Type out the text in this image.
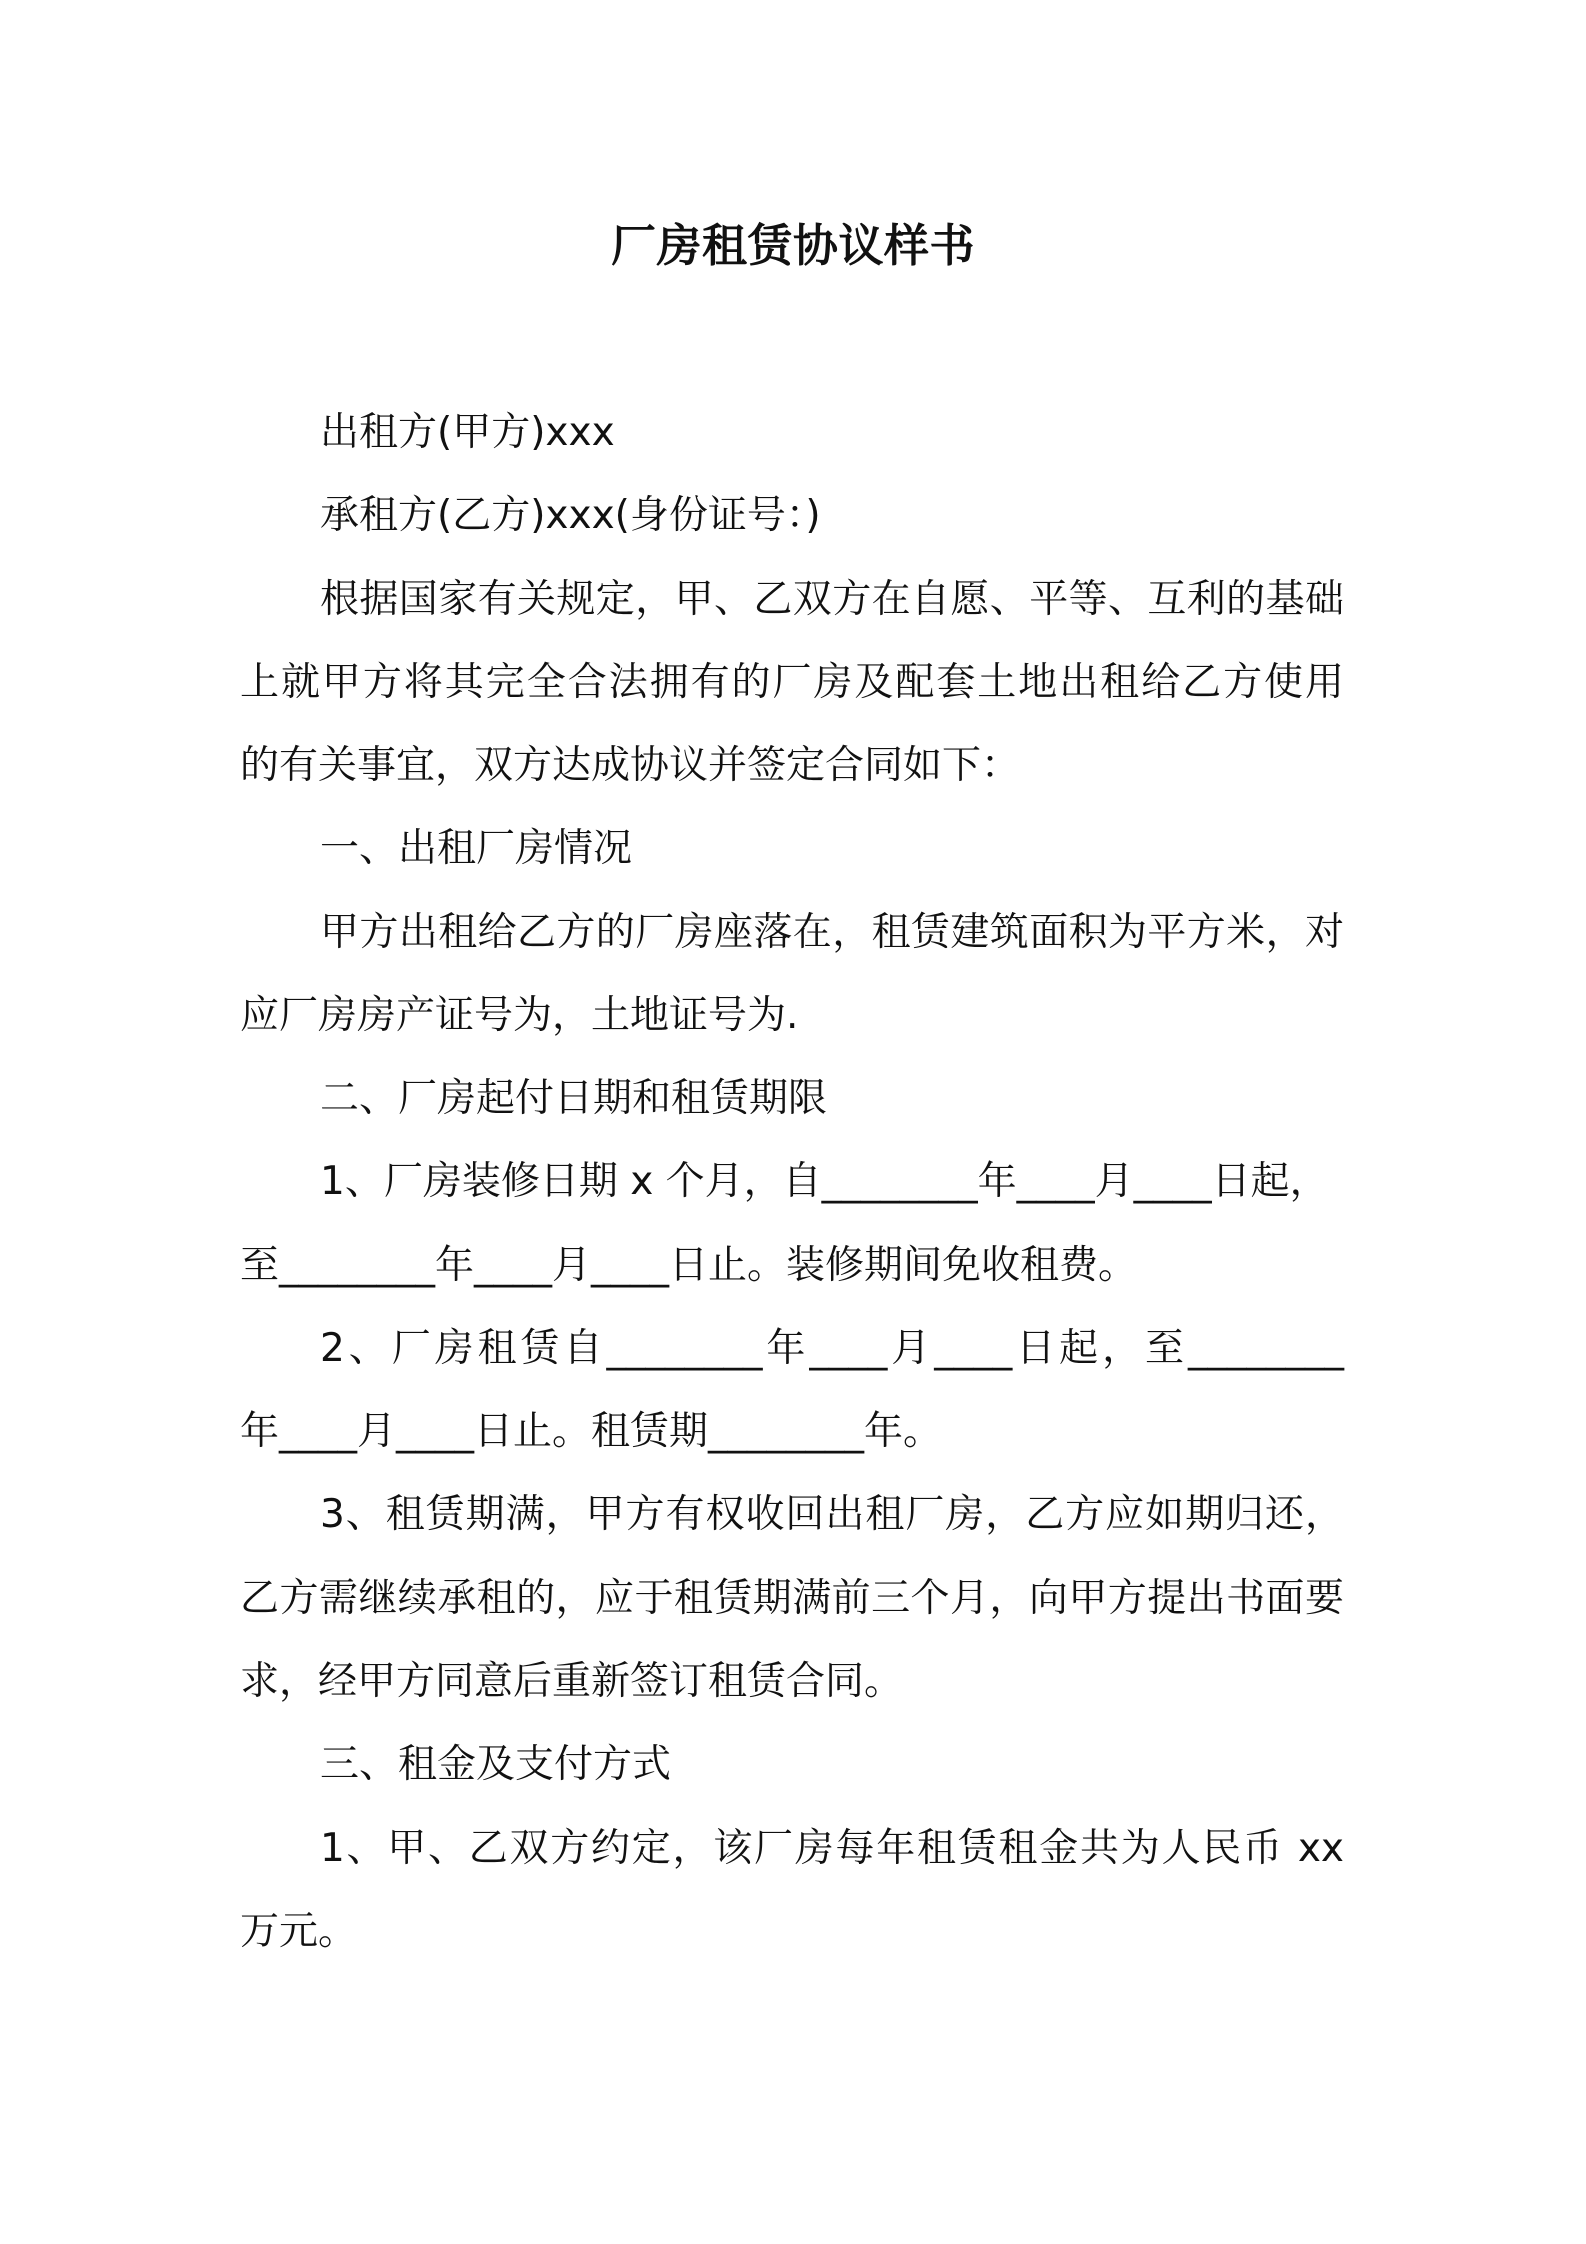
厂房租赁协议样书

出租方(甲方)xxx

承租方(乙方)xxx(身份证号：)

根据国家有关规定，甲、乙双方在自愿、平等、互利的基础
上就甲方将其完全合法拥有的厂房及配套土地出租给乙方使用
的有关事宜，双方达成协议并签定合同如下：

一、出租厂房情况

甲方出租给乙方的厂房座落在，租赁建筑面积为平方米，对
应厂房房产证号为，土地证号为.

二、厂房起付日期和租赁期限

1、厂房装修日期 x 个月，自________年____月____日起，
至________年____月____日止。装修期间免收租费。

2、厂房租赁自________年____月____日起，至________
年____月____日止。租赁期________年。

3、租赁期满，甲方有权收回出租厂房，乙方应如期归还，
乙方需继续承租的，应于租赁期满前三个月，向甲方提出书面要
求，经甲方同意后重新签订租赁合同。

三、租金及支付方式

1、甲、乙双方约定，该厂房每年租赁租金共为人民币 xx
万元。
